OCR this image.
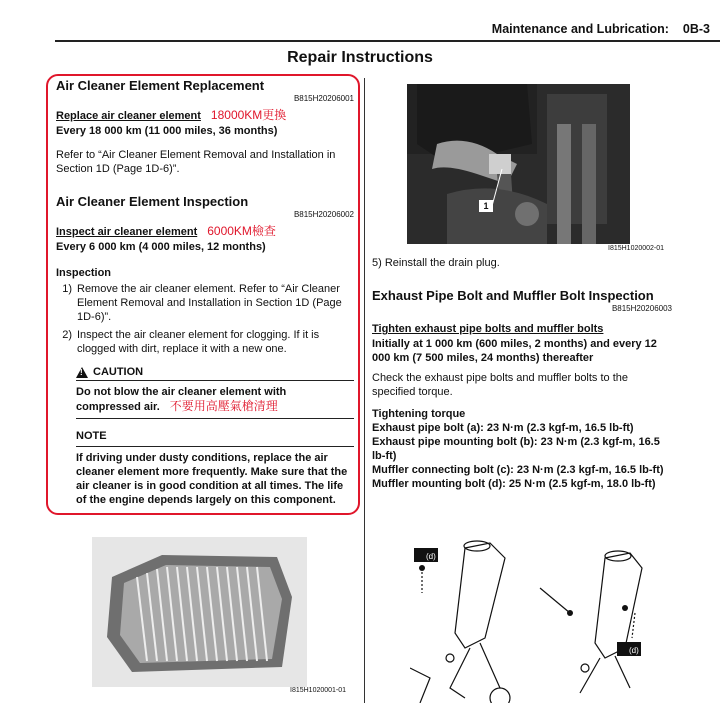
Maintenance and Lubrication: 0B-3
Repair Instructions
Air Cleaner Element Replacement
B815H20206001
Replace air cleaner element 18000KM更換
Every 18 000 km (11 000 miles, 36 months)
Refer to “Air Cleaner Element Removal and Installation in Section 1D (Page 1D-6)”.
Air Cleaner Element Inspection
B815H20206002
Inspect air cleaner element 6000KM檢查
Every 6 000 km (4 000 miles, 12 months)
Inspection
1) Remove the air cleaner element. Refer to “Air Cleaner Element Removal and Installation in Section 1D (Page 1D-6)”.
2) Inspect the air cleaner element for clogging. If it is clogged with dirt, replace it with a new one.
! CAUTION
Do not blow the air cleaner element with compressed air. 不要用高壓氣槍清理
NOTE
If driving under dusty conditions, replace the air cleaner element more frequently. Make sure that the air cleaner is in good condition at all times. The life of the engine depends largely on this component.
I815H1020001-01
1
I815H1020002-01
5) Reinstall the drain plug.
Exhaust Pipe Bolt and Muffler Bolt Inspection
B815H20206003
Tighten exhaust pipe bolts and muffler bolts
Initially at 1 000 km (600 miles, 2 months) and every 12 000 km (7 500 miles, 24 months) thereafter
Check the exhaust pipe bolts and muffler bolts to the specified torque.
Tightening torque
Exhaust pipe bolt (a): 23 N·m (2.3 kgf-m, 16.5 lb-ft)
Exhaust pipe mounting bolt (b): 23 N·m (2.3 kgf-m, 16.5 lb-ft)
Muffler connecting bolt (c): 23 N·m (2.3 kgf-m, 16.5 lb-ft)
Muffler mounting bolt (d): 25 N·m (2.5 kgf-m, 18.0 lb-ft)
(d)
(d)
